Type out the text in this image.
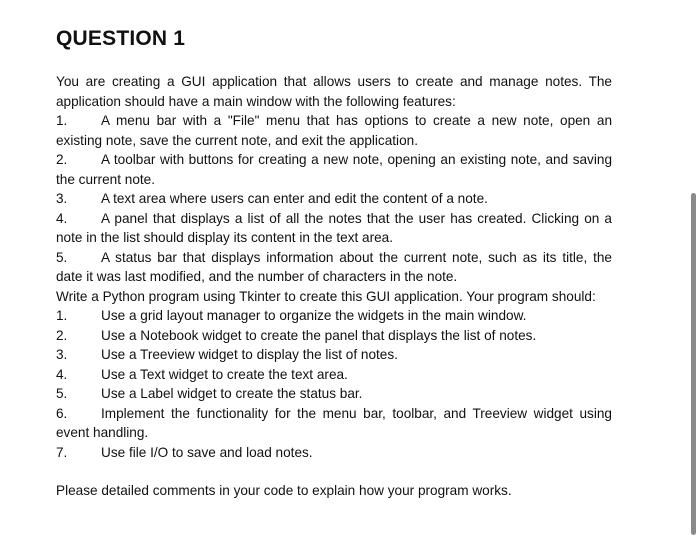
QUESTION 1

You are creating a GUI application that allows users to create and manage notes. The application should have a main window with the following features:

1. A menu bar with a "File" menu that has options to create a new note, open an existing note, save the current note, and exit the application.

2. A toolbar with buttons for creating a new note, opening an existing note, and saving the current note.

3. A text area where users can enter and edit the content of a note.

4. A panel that displays a list of all the notes that the user has created. Clicking on a note in the list should display its content in the text area.

5. A status bar that displays information about the current note, such as its title, the date it was last modified, and the number of characters in the note.

Write a Python program using Tkinter to create this GUI application. Your program should:

1. Use a grid layout manager to organize the widgets in the main window.

2. Use a Notebook widget to create the panel that displays the list of notes.

3. Use a Treeview widget to display the list of notes.

4. Use a Text widget to create the text area.

5. Use a Label widget to create the status bar.

6. Implement the functionality for the menu bar, toolbar, and Treeview widget using event handling.

7. Use file I/O to save and load notes.

Please detailed comments in your code to explain how your program works.
